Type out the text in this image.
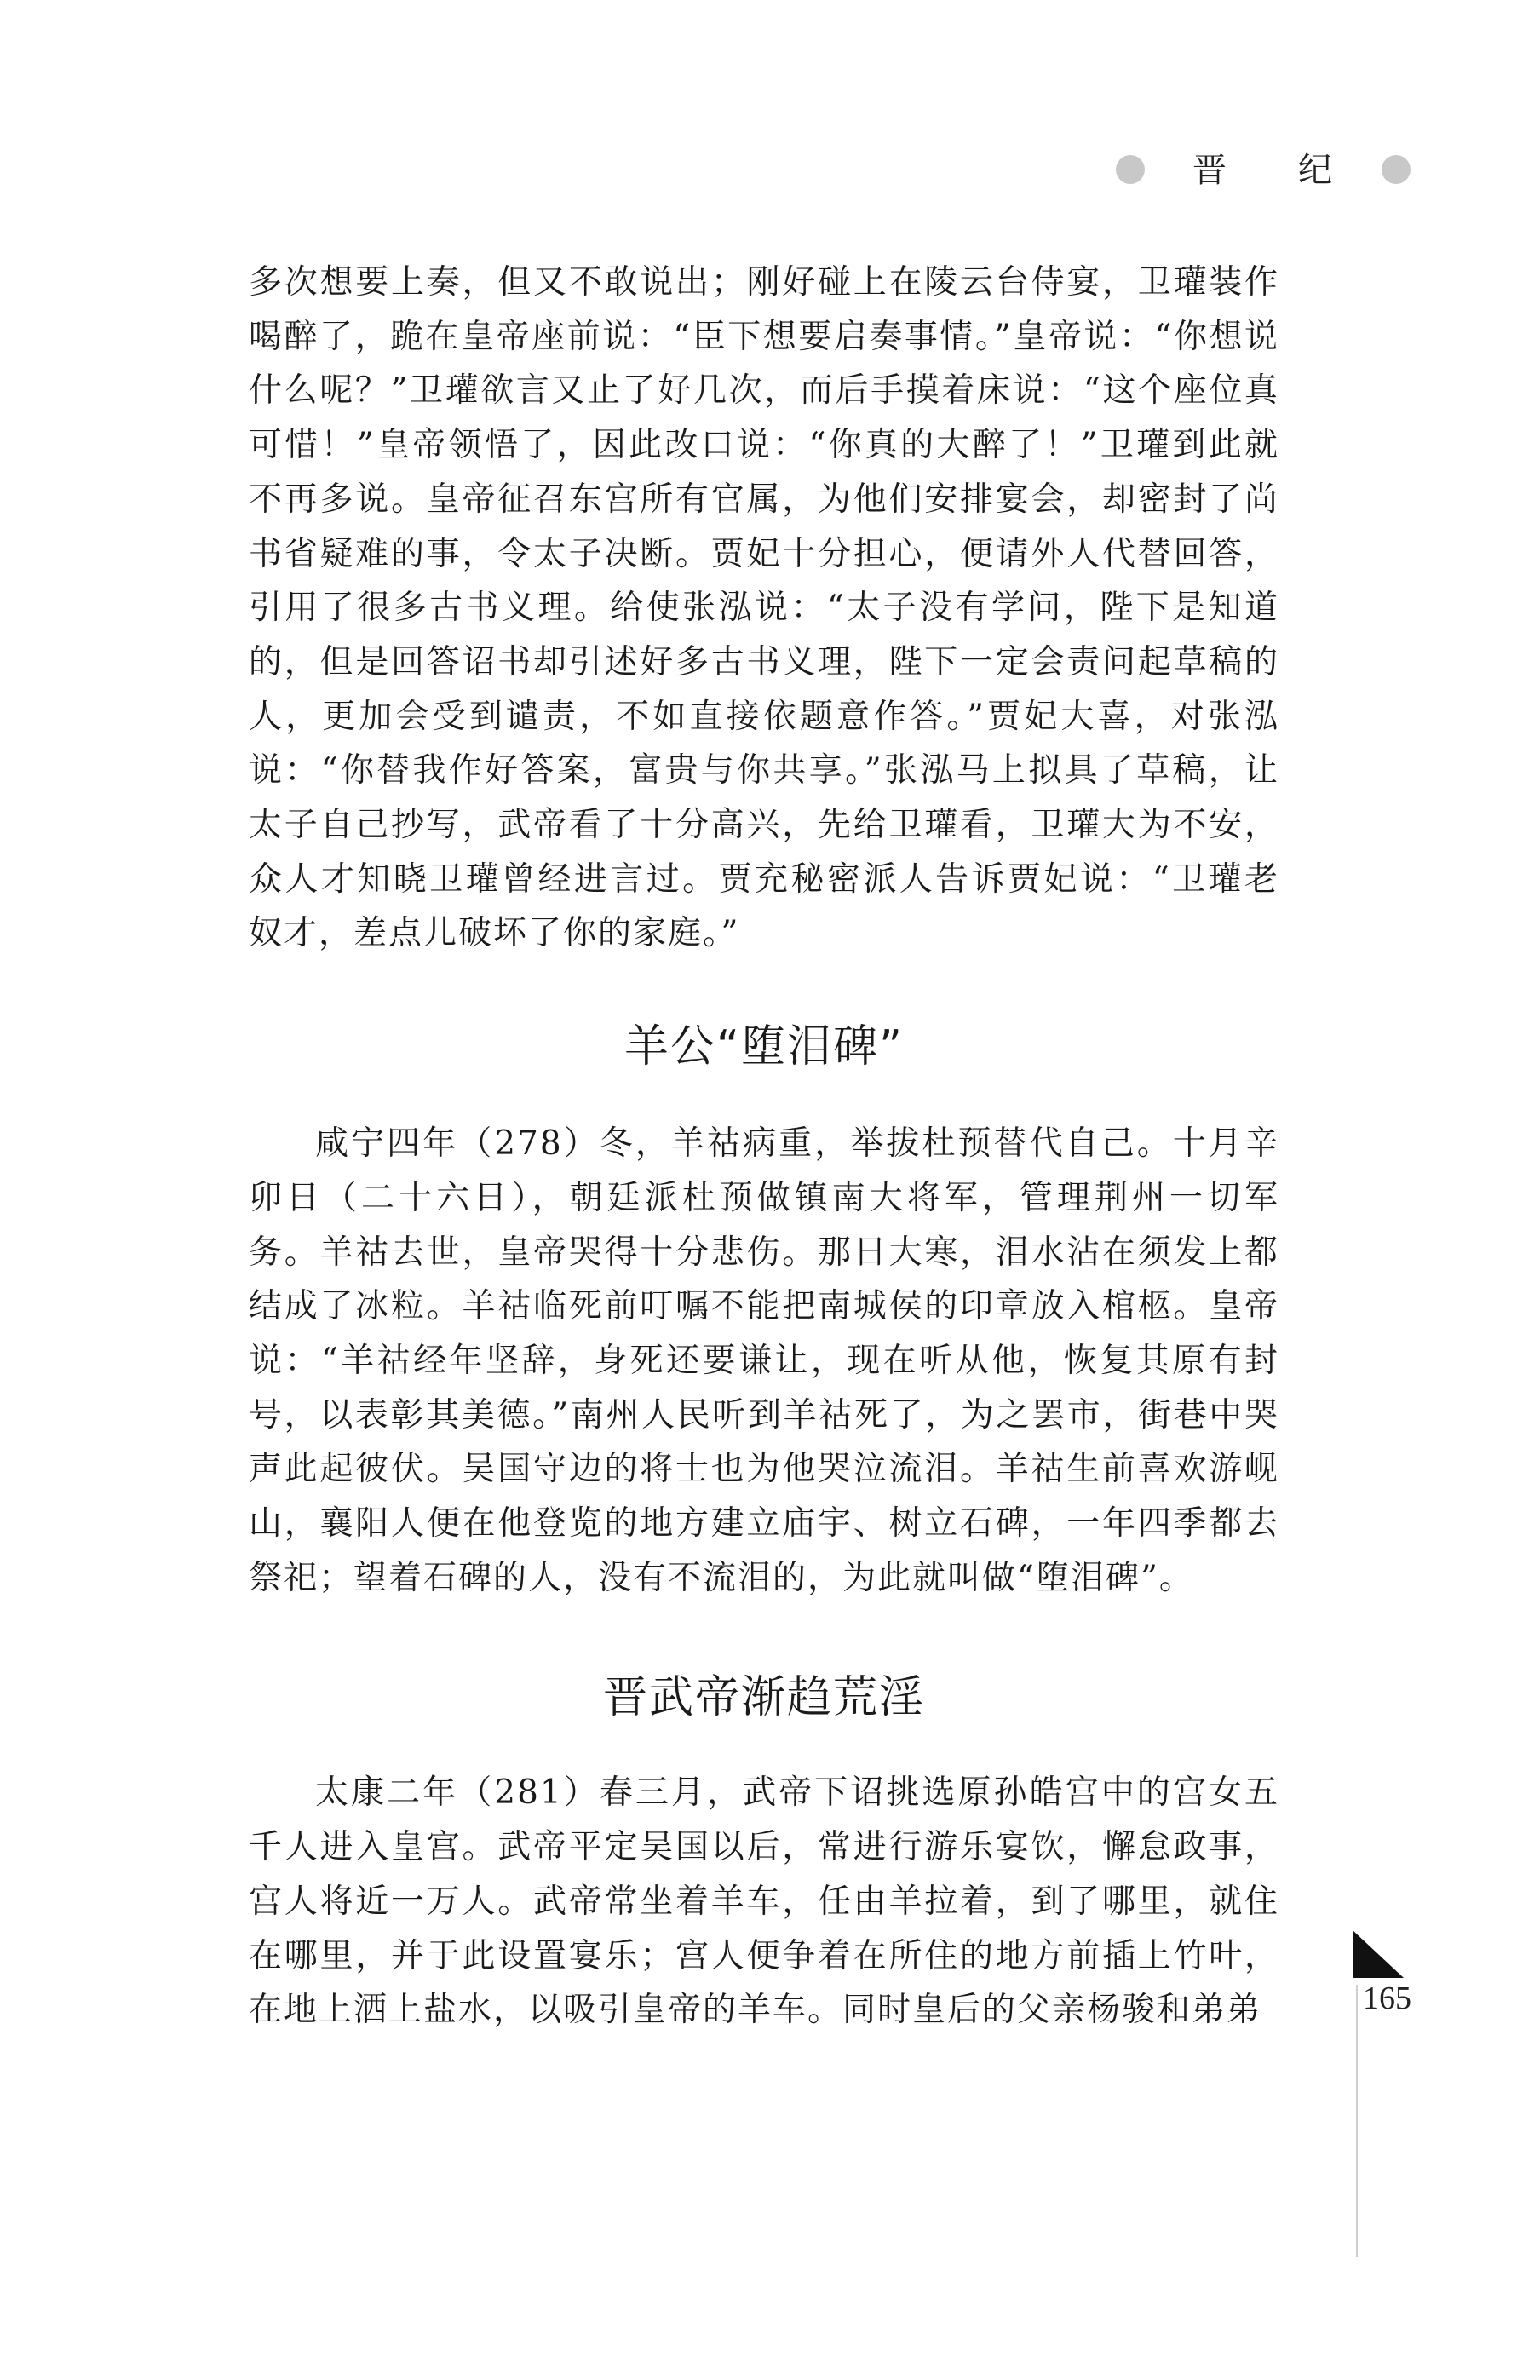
晋 纪

多次想要上奏，但又不敢说出；刚好碰上在陵云台侍宴，卫瓘装作喝醉了，跪在皇帝座前说：“臣下想要启奏事情。”皇帝说：“你想说什么呢？”卫瓘欲言又止了好几次，而后手摸着床说：“这个座位真可惜！”皇帝领悟了，因此改口说：“你真的大醉了！”卫瓘到此就不再多说。皇帝征召东宫所有官属，为他们安排宴会，却密封了尚书省疑难的事，令太子决断。贾妃十分担心，便请外人代替回答，引用了很多古书义理。给使张泓说：“太子没有学问，陛下是知道的，但是回答诏书却引述好多古书义理，陛下一定会责问起草稿的人，更加会受到谴责，不如直接依题意作答。”贾妃大喜，对张泓说：“你替我作好答案，富贵与你共享。”张泓马上拟具了草稿，让太子自己抄写，武帝看了十分高兴，先给卫瓘看，卫瓘大为不安，众人才知晓卫瓘曾经进言过。贾充秘密派人告诉贾妃说：“卫瓘老奴才，差点儿破坏了你的家庭。”

羊公“堕泪碑”

咸宁四年（278）冬，羊祜病重，举拔杜预替代自己。十月辛卯日（二十六日），朝廷派杜预做镇南大将军，管理荆州一切军务。羊祜去世，皇帝哭得十分悲伤。那日大寒，泪水沾在须发上都结成了冰粒。羊祜临死前叮嘱不能把南城侯的印章放入棺柩。皇帝说：“羊祜经年坚辞，身死还要谦让，现在听从他，恢复其原有封号，以表彰其美德。”南州人民听到羊祜死了，为之罢市，街巷中哭声此起彼伏。吴国守边的将士也为他哭泣流泪。羊祜生前喜欢游岘山，襄阳人便在他登览的地方建立庙宇、树立石碑，一年四季都去祭祀；望着石碑的人，没有不流泪的，为此就叫做“堕泪碑”。

晋武帝渐趋荒淫

太康二年（281）春三月，武帝下诏挑选原孙皓宫中的宫女五千人进入皇宫。武帝平定吴国以后，常进行游乐宴饮，懈怠政事，宫人将近一万人。武帝常坐着羊车，任由羊拉着，到了哪里，就住在哪里，并于此设置宴乐；宫人便争着在所住的地方前插上竹叶，在地上洒上盐水，以吸引皇帝的羊车。同时皇后的父亲杨骏和弟弟	165
